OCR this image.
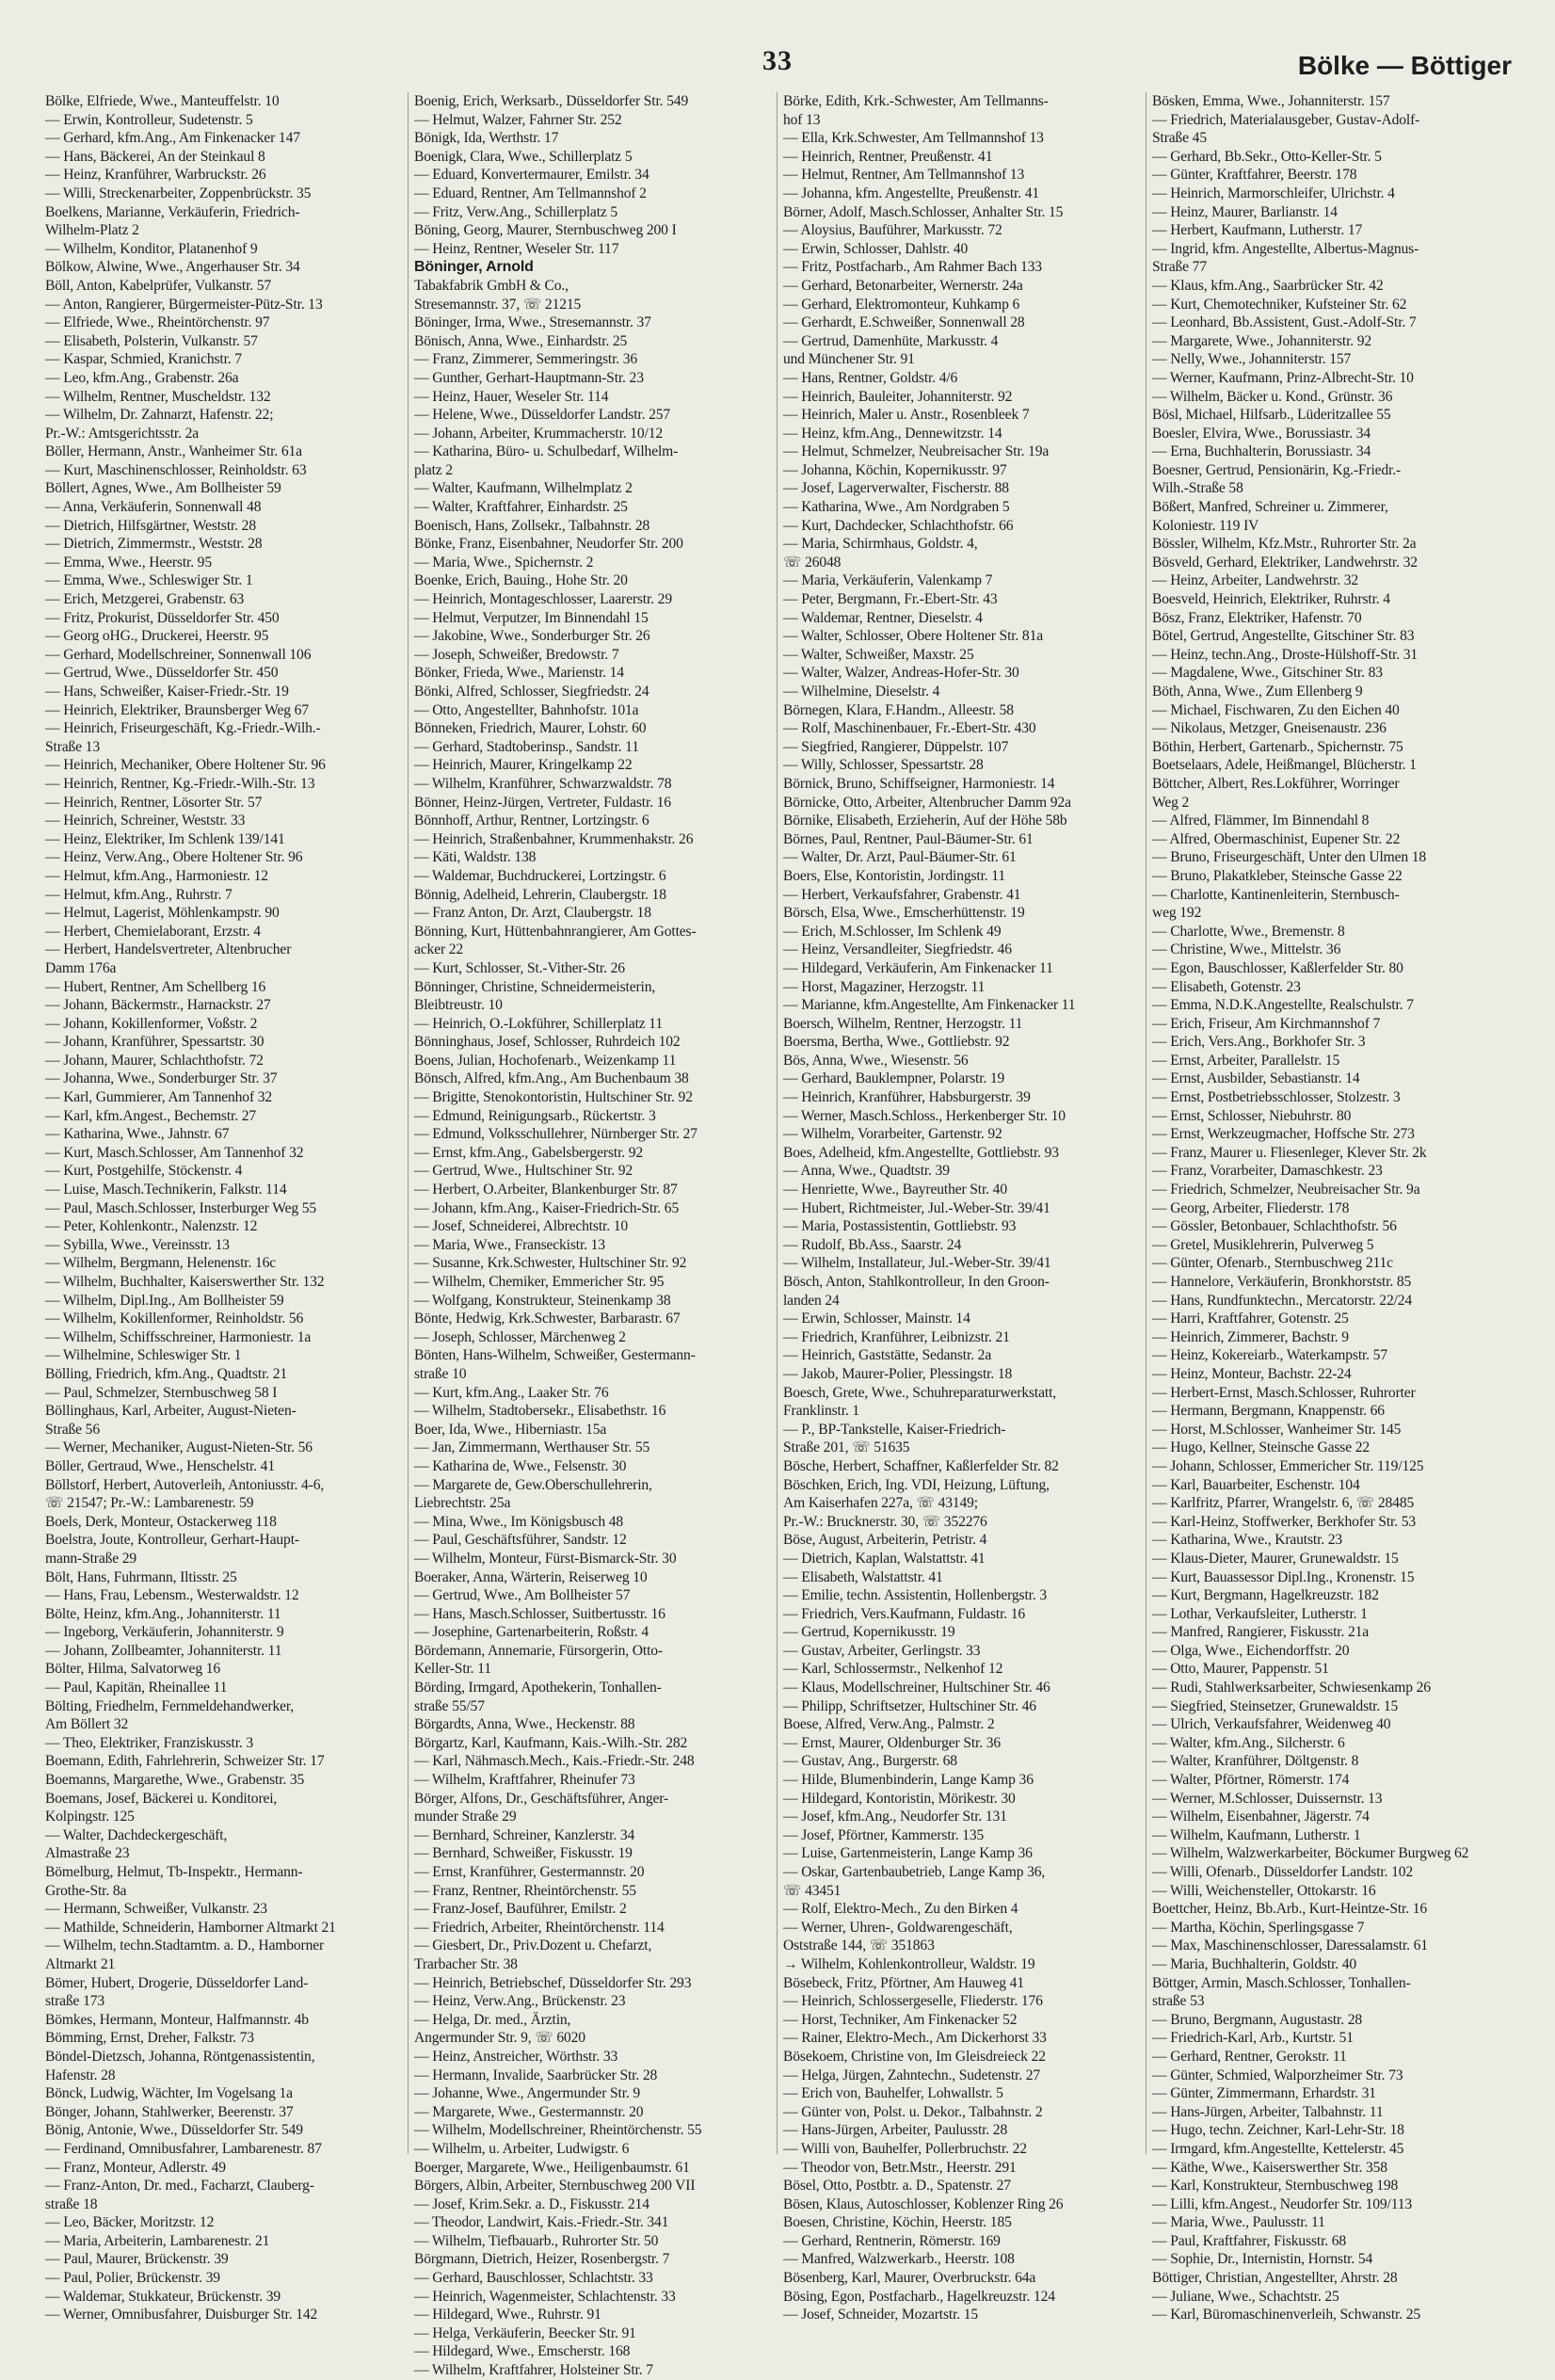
33	Bölke — Böttiger
Bölke, Elfriede, Wwe., Manteuffelstr. 10
— Erwin, Kontrolleur, Sudetenstr. 5
— Gerhard, kfm.Ang., Am Finkenacker 147
— Hans, Bäckerei, An der Steinkaul 8
— Heinz, Kranführer, Warbruckstr. 26
— Willi, Streckenarbeiter, Zoppenbrückstr. 35
Boelkens, Marianne, Verkäuferin, Friedrich-
Wilhelm-Platz 2
— Wilhelm, Konditor, Platanenhof 9
Bölkow, Alwine, Wwe., Angerhauser Str. 34
Böll, Anton, Kabelprüfer, Vulkanstr. 57
— Anton, Rangierer, Bürgermeister-Pütz-Str. 13
— Elfriede, Wwe., Rheintörchenstr. 97
— Elisabeth, Polsterin, Vulkanstr. 57
— Kaspar, Schmied, Kranichstr. 7
— Leo, kfm.Ang., Grabenstr. 26a
— Wilhelm, Rentner, Muscheldstr. 132
— Wilhelm, Dr. Zahnarzt, Hafenstr. 22;
Pr.-W.: Amtsgerichtsstr. 2a
Böller, Hermann, Anstr., Wanheimer Str. 61a
— Kurt, Maschinenschlosser, Reinholdstr. 63
Böllert, Agnes, Wwe., Am Bollheister 59
— Anna, Verkäuferin, Sonnenwall 48
— Dietrich, Hilfsgärtner, Weststr. 28
— Dietrich, Zimmermstr., Weststr. 28
— Emma, Wwe., Heerstr. 95
— Emma, Wwe., Schleswiger Str. 1
— Erich, Metzgerei, Grabenstr. 63
— Fritz, Prokurist, Düsseldorfer Str. 450
— Georg oHG., Druckerei, Heerstr. 95
— Gerhard, Modellschreiner, Sonnenwall 106
— Gertrud, Wwe., Düsseldorfer Str. 450
— Hans, Schweißer, Kaiser-Friedr.-Str. 19
— Heinrich, Elektriker, Braunsberger Weg 67
— Heinrich, Friseurgeschäft, Kg.-Friedr.-Wilh.-
Straße 13
— Heinrich, Mechaniker, Obere Holtener Str. 96
— Heinrich, Rentner, Kg.-Friedr.-Wilh.-Str. 13
— Heinrich, Rentner, Lösorter Str. 57
— Heinrich, Schreiner, Weststr. 33
— Heinz, Elektriker, Im Schlenk 139/141
— Heinz, Verw.Ang., Obere Holtener Str. 96
— Helmut, kfm.Ang., Harmoniestr. 12
— Helmut, kfm.Ang., Ruhrstr. 7
— Helmut, Lagerist, Möhlenkampstr. 90
— Herbert, Chemielaborant, Erzstr. 4
— Herbert, Handelsvertreter, Altenbrucher
Damm 176a
— Hubert, Rentner, Am Schellberg 16
— Johann, Bäckermstr., Harnackstr. 27
— Johann, Kokillenformer, Voßstr. 2
— Johann, Kranführer, Spessartstr. 30
— Johann, Maurer, Schlachthofstr. 72
— Johanna, Wwe., Sonderburger Str. 37
— Karl, Gummierer, Am Tannenhof 32
— Karl, kfm.Angest., Bechemstr. 27
— Katharina, Wwe., Jahnstr. 67
— Kurt, Masch.Schlosser, Am Tannenhof 32
— Kurt, Postgehilfe, Stöckenstr. 4
— Luise, Masch.Technikerin, Falkstr. 114
— Paul, Masch.Schlosser, Insterburger Weg 55
— Peter, Kohlenkontr., Nalenzstr. 12
— Sybilla, Wwe., Vereinsstr. 13
— Wilhelm, Bergmann, Helenenstr. 16c
— Wilhelm, Buchhalter, Kaiserswerther Str. 132
— Wilhelm, Dipl.Ing., Am Bollheister 59
— Wilhelm, Kokillenformer, Reinholdstr. 56
— Wilhelm, Schiffsschreiner, Harmoniestr. 1a
— Wilhelmine, Schleswiger Str. 1
Bölling, Friedrich, kfm.Ang., Quadtstr. 21
— Paul, Schmelzer, Sternbuschweg 58 I
Böllinghaus, Karl, Arbeiter, August-Nieten-
Straße 56
— Werner, Mechaniker, August-Nieten-Str. 56
Böller, Gertraud, Wwe., Henschelstr. 41
Böllstorf, Herbert, Autoverleih, Antoniusstr. 4-6,
☏ 21547; Pr.-W.: Lambarenestr. 59
Boels, Derk, Monteur, Ostackerweg 118
Boelstra, Joute, Kontrolleur, Gerhart-Haupt-
mann-Straße 29
Bölt, Hans, Fuhrmann, Iltisstr. 25
— Hans, Frau, Lebensm., Westerwaldstr. 12
Bölte, Heinz, kfm.Ang., Johanniterstr. 11
— Ingeborg, Verkäuferin, Johanniterstr. 9
— Johann, Zollbeamter, Johanniterstr. 11
Bölter, Hilma, Salvatorweg 16
— Paul, Kapitän, Rheinallee 11
Bölting, Friedhelm, Fernmeldehandwerker,
Am Böllert 32
— Theo, Elektriker, Franziskusstr. 3
Boemann, Edith, Fahrlehrerin, Schweizer Str. 17
Boemanns, Margarethe, Wwe., Grabenstr. 35
Boemans, Josef, Bäckerei u. Konditorei,
Kolpingstr. 125
— Walter, Dachdeckergeschäft,
Almastraße 23
Bömelburg, Helmut, Tb-Inspektr., Hermann-
Grothe-Str. 8a
— Hermann, Schweißer, Vulkanstr. 23
— Mathilde, Schneiderin, Hamborner Altmarkt 21
— Wilhelm, techn.Stadtamtm. a. D., Hamborner
Altmarkt 21
Bömer, Hubert, Drogerie, Düsseldorfer Land-
straße 173
Bömkes, Hermann, Monteur, Halfmannstr. 4b
Bömming, Ernst, Dreher, Falkstr. 73
Böndel-Dietzsch, Johanna, Röntgenassistentin,
Hafenstr. 28
Bönck, Ludwig, Wächter, Im Vogelsang 1a
Bönger, Johann, Stahlwerker, Beerenstr. 37
Bönig, Antonie, Wwe., Düsseldorfer Str. 549
— Ferdinand, Omnibusfahrer, Lambarenestr. 87
— Franz, Monteur, Adlerstr. 49
— Franz-Anton, Dr. med., Facharzt, Clauberg-
straße 18
— Leo, Bäcker, Moritzstr. 12
— Maria, Arbeiterin, Lambarenestr. 21
— Paul, Maurer, Brückenstr. 39
— Paul, Polier, Brückenstr. 39
— Waldemar, Stukkateur, Brückenstr. 39
— Werner, Omnibusfahrer, Duisburger Str. 142
Boenig, Erich, Werksarb., Düsseldorfer Str. 549
— Helmut, Walzer, Fahrner Str. 252
Bönigk, Ida, Werthstr. 17
Boenigk, Clara, Wwe., Schillerplatz 5
— Eduard, Konvertermaurer, Emilstr. 34
— Eduard, Rentner, Am Tellmannshof 2
— Fritz, Verw.Ang., Schillerplatz 5
Böning, Georg, Maurer, Sternbuschweg 200 I
— Heinz, Rentner, Weseler Str. 117
Böninger, Arnold
Tabakfabrik GmbH & Co.,
Stresemannstr. 37, ☏ 21215
Böninger, Irma, Wwe., Stresemannstr. 37
Bönisch, Anna, Wwe., Einhardstr. 25
— Franz, Zimmerer, Semmeringstr. 36
— Gunther, Gerhart-Hauptmann-Str. 23
— Heinz, Hauer, Weseler Str. 114
— Helene, Wwe., Düsseldorfer Landstr. 257
— Johann, Arbeiter, Krummacherstr. 10/12
— Katharina, Büro- u. Schulbedarf, Wilhelm-
platz 2
— Walter, Kaufmann, Wilhelmplatz 2
— Walter, Kraftfahrer, Einhardstr. 25
Boenisch, Hans, Zollsekr., Talbahnstr. 28
Bönke, Franz, Eisenbahner, Neudorfer Str. 200
— Maria, Wwe., Spichernstr. 2
Boenke, Erich, Bauing., Hohe Str. 20
— Heinrich, Montageschlosser, Laarerstr. 29
— Helmut, Verputzer, Im Binnendahl 15
— Jakobine, Wwe., Sonderburger Str. 26
— Joseph, Schweißer, Bredowstr. 7
Bönker, Frieda, Wwe., Marienstr. 14
Bönki, Alfred, Schlosser, Siegfriedstr. 24
— Otto, Angestellter, Bahnhofstr. 101a
Bönneken, Friedrich, Maurer, Lohstr. 60
— Gerhard, Stadtoberinsp., Sandstr. 11
— Heinrich, Maurer, Kringelkamp 22
— Wilhelm, Kranführer, Schwarzwaldstr. 78
Bönner, Heinz-Jürgen, Vertreter, Fuldastr. 16
Bönnhoff, Arthur, Rentner, Lortzingstr. 6
— Heinrich, Straßenbahner, Krummenhakstr. 26
— Käti, Waldstr. 138
— Waldemar, Buchdruckerei, Lortzingstr. 6
Bönnig, Adelheid, Lehrerin, Claubergstr. 18
— Franz Anton, Dr. Arzt, Claubergstr. 18
Bönning, Kurt, Hüttenbahnrangierer, Am Gottes-
acker 22
— Kurt, Schlosser, St.-Vither-Str. 26
Bönninger, Christine, Schneidermeisterin,
Bleibtreustr. 10
— Heinrich, O.-Lokführer, Schillerplatz 11
Bönninghaus, Josef, Schlosser, Ruhrdeich 102
Boens, Julian, Hochofenarb., Weizenkamp 11
Bönsch, Alfred, kfm.Ang., Am Buchenbaum 38
— Brigitte, Stenokontoristin, Hultschiner Str. 92
— Edmund, Reinigungsarb., Rückertstr. 3
— Edmund, Volksschullehrer, Nürnberger Str. 27
— Ernst, kfm.Ang., Gabelsbergerstr. 92
— Gertrud, Wwe., Hultschiner Str. 92
— Herbert, O.Arbeiter, Blankenburger Str. 87
— Johann, kfm.Ang., Kaiser-Friedrich-Str. 65
— Josef, Schneiderei, Albrechtstr. 10
— Maria, Wwe., Franseckistr. 13
— Susanne, Krk.Schwester, Hultschiner Str. 92
— Wilhelm, Chemiker, Emmericher Str. 95
— Wolfgang, Konstrukteur, Steinenkamp 38
Bönte, Hedwig, Krk.Schwester, Barbarastr. 67
— Joseph, Schlosser, Märchenweg 2
Bönten, Hans-Wilhelm, Schweißer, Gestermann-
straße 10
— Kurt, kfm.Ang., Laaker Str. 76
— Wilhelm, Stadtobersekr., Elisabethstr. 16
Boer, Ida, Wwe., Hiberniastr. 15a
— Jan, Zimmermann, Werthauser Str. 55
— Katharina de, Wwe., Felsenstr. 30
— Margarete de, Gew.Oberschullehrerin,
Liebrechtstr. 25a
— Mina, Wwe., Im Königsbusch 48
— Paul, Geschäftsführer, Sandstr. 12
— Wilhelm, Monteur, Fürst-Bismarck-Str. 30
Boeraker, Anna, Wärterin, Reiserweg 10
— Gertrud, Wwe., Am Bollheister 57
— Hans, Masch.Schlosser, Suitbertusstr. 16
— Josephine, Gartenarbeiterin, Roßstr. 4
Bördemann, Annemarie, Fürsorgerin, Otto-
Keller-Str. 11
Börding, Irmgard, Apothekerin, Tonhallen-
straße 55/57
Börgardts, Anna, Wwe., Heckenstr. 88
Börgartz, Karl, Kaufmann, Kais.-Wilh.-Str. 282
— Karl, Nähmasch.Mech., Kais.-Friedr.-Str. 248
— Wilhelm, Kraftfahrer, Rheinufer 73
Börger, Alfons, Dr., Geschäftsführer, Anger-
munder Straße 29
— Bernhard, Schreiner, Kanzlerstr. 34
— Bernhard, Schweißer, Fiskusstr. 19
— Ernst, Kranführer, Gestermannstr. 20
— Franz, Rentner, Rheintörchenstr. 55
— Franz-Josef, Bauführer, Emilstr. 2
— Friedrich, Arbeiter, Rheintörchenstr. 114
— Giesbert, Dr., Priv.Dozent u. Chefarzt,
Trarbacher Str. 38
— Heinrich, Betriebschef, Düsseldorfer Str. 293
— Heinz, Verw.Ang., Brückenstr. 23
— Helga, Dr. med., Ärztin,
Angermunder Str. 9, ☏ 6020
— Heinz, Anstreicher, Wörthstr. 33
— Hermann, Invalide, Saarbrücker Str. 28
— Johanne, Wwe., Angermunder Str. 9
— Margarete, Wwe., Gestermannstr. 20
— Wilhelm, Modellschreiner, Rheintörchenstr. 55
— Wilhelm, u. Arbeiter, Ludwigstr. 6
Boerger, Margarete, Wwe., Heiligenbaumstr. 61
Börgers, Albin, Arbeiter, Sternbuschweg 200 VII
— Josef, Krim.Sekr. a. D., Fiskusstr. 214
— Theodor, Landwirt, Kais.-Friedr.-Str. 341
— Wilhelm, Tiefbauarb., Ruhrorter Str. 50
Börgmann, Dietrich, Heizer, Rosenbergstr. 7
— Gerhard, Bauschlosser, Schlachtstr. 33
— Heinrich, Wagenmeister, Schlachtenstr. 33
— Hildegard, Wwe., Ruhrstr. 91
— Helga, Verkäuferin, Beecker Str. 91
— Hildegard, Wwe., Emscherstr. 168
— Wilhelm, Kraftfahrer, Holsteiner Str. 7
Börke, Edith, Krk.-Schwester, Am Tellmanns-
hof 13
— Ella, Krk.Schwester, Am Tellmannshof 13
— Heinrich, Rentner, Preußenstr. 41
— Helmut, Rentner, Am Tellmannshof 13
— Johanna, kfm. Angestellte, Preußenstr. 41
Börner, Adolf, Masch.Schlosser, Anhalter Str. 15
— Aloysius, Bauführer, Markusstr. 72
— Erwin, Schlosser, Dahlstr. 40
— Fritz, Postfacharb., Am Rahmer Bach 133
— Gerhard, Betonarbeiter, Wernerstr. 24a
— Gerhard, Elektromonteur, Kuhkamp 6
— Gerhardt, E.Schweißer, Sonnenwall 28
— Gertrud, Damenhüte, Markusstr. 4
und Münchener Str. 91
— Hans, Rentner, Goldstr. 4/6
— Heinrich, Bauleiter, Johanniterstr. 92
— Heinrich, Maler u. Anstr., Rosenbleek 7
— Heinz, kfm.Ang., Dennewitzstr. 14
— Helmut, Schmelzer, Neubreisacher Str. 19a
— Johanna, Köchin, Kopernikusstr. 97
— Josef, Lagerverwalter, Fischerstr. 88
— Katharina, Wwe., Am Nordgraben 5
— Kurt, Dachdecker, Schlachthofstr. 66
— Maria, Schirmhaus, Goldstr. 4,
☏ 26048
— Maria, Verkäuferin, Valenkamp 7
— Peter, Bergmann, Fr.-Ebert-Str. 43
— Waldemar, Rentner, Dieselstr. 4
— Walter, Schlosser, Obere Holtener Str. 81a
— Walter, Schweißer, Maxstr. 25
— Walter, Walzer, Andreas-Hofer-Str. 30
— Wilhelmine, Dieselstr. 4
Börnegen, Klara, F.Handm., Alleestr. 58
— Rolf, Maschinenbauer, Fr.-Ebert-Str. 430
— Siegfried, Rangierer, Düppelstr. 107
— Willy, Schlosser, Spessartstr. 28
Börnick, Bruno, Schiffseigner, Harmoniestr. 14
Börnicke, Otto, Arbeiter, Altenbrucher Damm 92a
Börnike, Elisabeth, Erzieherin, Auf der Höhe 58b
Börnes, Paul, Rentner, Paul-Bäumer-Str. 61
— Walter, Dr. Arzt, Paul-Bäumer-Str. 61
Boers, Else, Kontoristin, Jordingstr. 11
— Herbert, Verkaufsfahrer, Grabenstr. 41
Börsch, Elsa, Wwe., Emscherhüttenstr. 19
— Erich, M.Schlosser, Im Schlenk 49
— Heinz, Versandleiter, Siegfriedstr. 46
— Hildegard, Verkäuferin, Am Finkenacker 11
— Horst, Magaziner, Herzogstr. 11
— Marianne, kfm.Angestellte, Am Finkenacker 11
Boersch, Wilhelm, Rentner, Herzogstr. 11
Boersma, Bertha, Wwe., Gottliebstr. 92
Bös, Anna, Wwe., Wiesenstr. 56
— Gerhard, Bauklempner, Polarstr. 19
— Heinrich, Kranführer, Habsburgerstr. 39
— Werner, Masch.Schloss., Herkenberger Str. 10
— Wilhelm, Vorarbeiter, Gartenstr. 92
Boes, Adelheid, kfm.Angestellte, Gottliebstr. 93
— Anna, Wwe., Quadtstr. 39
— Henriette, Wwe., Bayreuther Str. 40
— Hubert, Richtmeister, Jul.-Weber-Str. 39/41
— Maria, Postassistentin, Gottliebstr. 93
— Rudolf, Bb.Ass., Saarstr. 24
— Wilhelm, Installateur, Jul.-Weber-Str. 39/41
Bösch, Anton, Stahlkontrolleur, In den Groon-
landen 24
— Erwin, Schlosser, Mainstr. 14
— Friedrich, Kranführer, Leibnizstr. 21
— Heinrich, Gaststätte, Sedanstr. 2a
— Jakob, Maurer-Polier, Plessingstr. 18
Boesch, Grete, Wwe., Schuhreparaturwerkstatt,
Franklinstr. 1
— P., BP-Tankstelle, Kaiser-Friedrich-
Straße 201, ☏ 51635
Bösche, Herbert, Schaffner, Kaßlerfelder Str. 82
Böschken, Erich, Ing. VDI, Heizung, Lüftung,
Am Kaiserhafen 227a, ☏ 43149;
Pr.-W.: Brucknerstr. 30, ☏ 352276
Böse, August, Arbeiterin, Petristr. 4
— Dietrich, Kaplan, Walstattstr. 41
— Elisabeth, Walstattstr. 41
— Emilie, techn. Assistentin, Hollenbergstr. 3
— Friedrich, Vers.Kaufmann, Fuldastr. 16
— Gertrud, Kopernikusstr. 19
— Gustav, Arbeiter, Gerlingstr. 33
— Karl, Schlossermstr., Nelkenhof 12
— Klaus, Modellschreiner, Hultschiner Str. 46
— Philipp, Schriftsetzer, Hultschiner Str. 46
Boese, Alfred, Verw.Ang., Palmstr. 2
— Ernst, Maurer, Oldenburger Str. 36
— Gustav, Ang., Burgerstr. 68
— Hilde, Blumenbinderin, Lange Kamp 36
— Hildegard, Kontoristin, Mörikestr. 30
— Josef, kfm.Ang., Neudorfer Str. 131
— Josef, Pförtner, Kammerstr. 135
— Luise, Gartenmeisterin, Lange Kamp 36
— Oskar, Gartenbaubetrieb, Lange Kamp 36,
☏ 43451
— Rolf, Elektro-Mech., Zu den Birken 4
— Werner, Uhren-, Goldwarengeschäft,
Oststraße 144, ☏ 351863
→ Wilhelm, Kohlenkontrolleur, Waldstr. 19
Bösebeck, Fritz, Pförtner, Am Hauweg 41
— Heinrich, Schlossergeselle, Fliederstr. 176
— Horst, Techniker, Am Finkenacker 52
— Rainer, Elektro-Mech., Am Dickerhorst 33
Bösekoem, Christine von, Im Gleisdreieck 22
— Helga, Jürgen, Zahntechn., Sudetenstr. 27
— Erich von, Bauhelfer, Lohwallstr. 5
— Günter von, Polst. u. Dekor., Talbahnstr. 2
— Hans-Jürgen, Arbeiter, Paulusstr. 28
— Willi von, Bauhelfer, Pollerbruchstr. 22
— Theodor von, Betr.Mstr., Heerstr. 291
Bösel, Otto, Postbtr. a. D., Spatenstr. 27
Bösen, Klaus, Autoschlosser, Koblenzer Ring 26
Boesen, Christine, Köchin, Heerstr. 185
— Gerhard, Rentnerin, Römerstr. 169
— Manfred, Walzwerkarb., Heerstr. 108
Bösenberg, Karl, Maurer, Overbruckstr. 64a
Bösing, Egon, Postfacharb., Hagelkreuzstr. 124
— Josef, Schneider, Mozartstr. 15
Bösken, Emma, Wwe., Johanniterstr. 157
— Friedrich, Materialausgeber, Gustav-Adolf-
Straße 45
— Gerhard, Bb.Sekr., Otto-Keller-Str. 5
— Günter, Kraftfahrer, Beerstr. 178
— Heinrich, Marmorschleifer, Ulrichstr. 4
— Heinz, Maurer, Barlianstr. 14
— Herbert, Kaufmann, Lutherstr. 17
— Ingrid, kfm. Angestellte, Albertus-Magnus-
Straße 77
— Klaus, kfm.Ang., Saarbrücker Str. 42
— Kurt, Chemotechniker, Kufsteiner Str. 62
— Leonhard, Bb.Assistent, Gust.-Adolf-Str. 7
— Margarete, Wwe., Johanniterstr. 92
— Nelly, Wwe., Johanniterstr. 157
— Werner, Kaufmann, Prinz-Albrecht-Str. 10
— Wilhelm, Bäcker u. Kond., Grünstr. 36
Bösl, Michael, Hilfsarb., Lüderitzallee 55
Boesler, Elvira, Wwe., Borussiastr. 34
— Erna, Buchhalterin, Borussiastr. 34
Boesner, Gertrud, Pensionärin, Kg.-Friedr.-
Wilh.-Straße 58
Bößert, Manfred, Schreiner u. Zimmerer,
Koloniestr. 119 IV
Bössler, Wilhelm, Kfz.Mstr., Ruhrorter Str. 2a
Bösveld, Gerhard, Elektriker, Landwehrstr. 32
— Heinz, Arbeiter, Landwehrstr. 32
Boesveld, Heinrich, Elektriker, Ruhrstr. 4
Bösz, Franz, Elektriker, Hafenstr. 70
Bötel, Gertrud, Angestellte, Gitschiner Str. 83
— Heinz, techn.Ang., Droste-Hülshoff-Str. 31
— Magdalene, Wwe., Gitschiner Str. 83
Böth, Anna, Wwe., Zum Ellenberg 9
— Michael, Fischwaren, Zu den Eichen 40
— Nikolaus, Metzger, Gneisenaustr. 236
Böthin, Herbert, Gartenarb., Spichernstr. 75
Boetselaars, Adele, Heißmangel, Blücherstr. 1
Böttcher, Albert, Res.Lokführer, Worringer
Weg 2
— Alfred, Flämmer, Im Binnendahl 8
— Alfred, Obermaschinist, Eupener Str. 22
— Bruno, Friseurgeschäft, Unter den Ulmen 18
— Bruno, Plakatkleber, Steinsche Gasse 22
— Charlotte, Kantinenleiterin, Sternbusch-
weg 192
— Charlotte, Wwe., Bremenstr. 8
— Christine, Wwe., Mittelstr. 36
— Egon, Bauschlosser, Kaßlerfelder Str. 80
— Elisabeth, Gotenstr. 23
— Emma, N.D.K.Angestellte, Realschulstr. 7
— Erich, Friseur, Am Kirchmannshof 7
— Erich, Vers.Ang., Borkhofer Str. 3
— Ernst, Arbeiter, Parallelstr. 15
— Ernst, Ausbilder, Sebastianstr. 14
— Ernst, Postbetriebsschlosser, Stolzestr. 3
— Ernst, Schlosser, Niebuhrstr. 80
— Ernst, Werkzeugmacher, Hoffsche Str. 273
— Franz, Maurer u. Fliesenleger, Klever Str. 2k
— Franz, Vorarbeiter, Damaschkestr. 23
— Friedrich, Schmelzer, Neubreisacher Str. 9a
— Georg, Arbeiter, Fliederstr. 178
— Gössler, Betonbauer, Schlachthofstr. 56
— Gretel, Musiklehrerin, Pulverweg 5
— Günter, Ofenarb., Sternbuschweg 211c
— Hannelore, Verkäuferin, Bronkhorststr. 85
— Hans, Rundfunktechn., Mercatorstr. 22/24
— Harri, Kraftfahrer, Gotenstr. 25
— Heinrich, Zimmerer, Bachstr. 9
— Heinz, Kokereiarb., Waterkampstr. 57
— Heinz, Monteur, Bachstr. 22-24
— Herbert-Ernst, Masch.Schlosser, Ruhrorter
— Hermann, Bergmann, Knappenstr. 66
— Horst, M.Schlosser, Wanheimer Str. 145
— Hugo, Kellner, Steinsche Gasse 22
— Johann, Schlosser, Emmericher Str. 119/125
— Karl, Bauarbeiter, Eschenstr. 104
— Karlfritz, Pfarrer, Wrangelstr. 6, ☏ 28485
— Karl-Heinz, Stoffwerker, Berkhofer Str. 53
— Katharina, Wwe., Krautstr. 23
— Klaus-Dieter, Maurer, Grunewaldstr. 15
— Kurt, Bauassessor Dipl.Ing., Kronenstr. 15
— Kurt, Bergmann, Hagelkreuzstr. 182
— Lothar, Verkaufsleiter, Lutherstr. 1
— Manfred, Rangierer, Fiskusstr. 21a
— Olga, Wwe., Eichendorffstr. 20
— Otto, Maurer, Pappenstr. 51
— Rudi, Stahlwerksarbeiter, Schwiesenkamp 26
— Siegfried, Steinsetzer, Grunewaldstr. 15
— Ulrich, Verkaufsfahrer, Weidenweg 40
— Walter, kfm.Ang., Silcherstr. 6
— Walter, Kranführer, Döltgenstr. 8
— Walter, Pförtner, Römerstr. 174
— Werner, M.Schlosser, Duissernstr. 13
— Wilhelm, Eisenbahner, Jägerstr. 74
— Wilhelm, Kaufmann, Lutherstr. 1
— Wilhelm, Walzwerkarbeiter, Böckumer Burgweg 62
— Willi, Ofenarb., Düsseldorfer Landstr. 102
— Willi, Weichensteller, Ottokarstr. 16
Boettcher, Heinz, Bb.Arb., Kurt-Heintze-Str. 16
— Martha, Köchin, Sperlingsgasse 7
— Max, Maschinenschlosser, Daressalamstr. 61
— Maria, Buchhalterin, Goldstr. 40
Böttger, Armin, Masch.Schlosser, Tonhallen-
straße 53
— Bruno, Bergmann, Augustastr. 28
— Friedrich-Karl, Arb., Kurtstr. 51
— Gerhard, Rentner, Gerokstr. 11
— Günter, Schmied, Walporzheimer Str. 73
— Günter, Zimmermann, Erhardstr. 31
— Hans-Jürgen, Arbeiter, Talbahnstr. 11
— Hugo, techn. Zeichner, Karl-Lehr-Str. 18
— Irmgard, kfm.Angestellte, Kettelerstr. 45
— Käthe, Wwe., Kaiserswerther Str. 358
— Karl, Konstrukteur, Sternbuschweg 198
— Lilli, kfm.Angest., Neudorfer Str. 109/113
— Maria, Wwe., Paulusstr. 11
— Paul, Kraftfahrer, Fiskusstr. 68
— Sophie, Dr., Internistin, Hornstr. 54
Böttiger, Christian, Angestellter, Ahrstr. 28
— Juliane, Wwe., Schachtstr. 25
— Karl, Büromaschinenverleih, Schwanstr. 25
